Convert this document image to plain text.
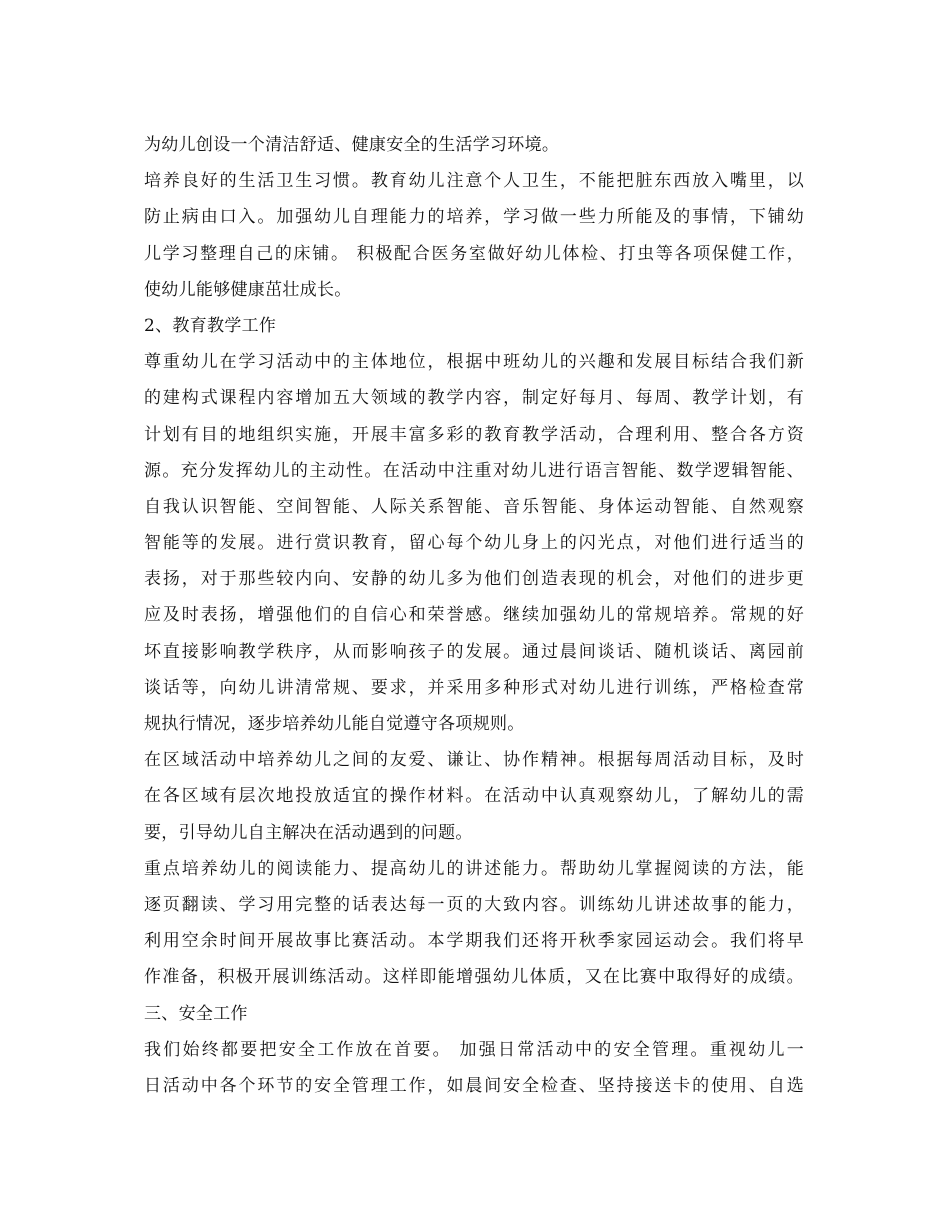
为幼儿创设一个清洁舒适、健康安全的生活学习环境。
培养良好的生活卫生习惯。教育幼儿注意个人卫生，不能把脏东西放入嘴里，以
防止病由口入。加强幼儿自理能力的培养，学习做一些力所能及的事情，下铺幼
儿学习整理自己的床铺。 积极配合医务室做好幼儿体检、打虫等各项保健工作，
使幼儿能够健康茁壮成长。
2、教育教学工作
尊重幼儿在学习活动中的主体地位，根据中班幼儿的兴趣和发展目标结合我们新
的建构式课程内容增加五大领域的教学内容，制定好每月、每周、教学计划，有
计划有目的地组织实施，开展丰富多彩的教育教学活动，合理利用、整合各方资
源。充分发挥幼儿的主动性。在活动中注重对幼儿进行语言智能、数学逻辑智能、
自我认识智能、空间智能、人际关系智能、音乐智能、身体运动智能、自然观察
智能等的发展。进行赏识教育，留心每个幼儿身上的闪光点，对他们进行适当的
表扬，对于那些较内向、安静的幼儿多为他们创造表现的机会，对他们的进步更
应及时表扬，增强他们的自信心和荣誉感。继续加强幼儿的常规培养。常规的好
坏直接影响教学秩序，从而影响孩子的发展。通过晨间谈话、随机谈话、离园前
谈话等，向幼儿讲清常规、要求，并采用多种形式对幼儿进行训练，严格检查常
规执行情况，逐步培养幼儿能自觉遵守各项规则。
在区域活动中培养幼儿之间的友爱、谦让、协作精神。根据每周活动目标，及时
在各区域有层次地投放适宜的操作材料。在活动中认真观察幼儿，了解幼儿的需
要，引导幼儿自主解决在活动遇到的问题。
重点培养幼儿的阅读能力、提高幼儿的讲述能力。帮助幼儿掌握阅读的方法，能
逐页翻读、学习用完整的话表达每一页的大致内容。训练幼儿讲述故事的能力，
利用空余时间开展故事比赛活动。本学期我们还将开秋季家园运动会。我们将早
作准备，积极开展训练活动。这样即能增强幼儿体质，又在比赛中取得好的成绩。
三、安全工作
我们始终都要把安全工作放在首要。 加强日常活动中的安全管理。重视幼儿一
日活动中各个环节的安全管理工作，如晨间安全检查、坚持接送卡的使用、自选
